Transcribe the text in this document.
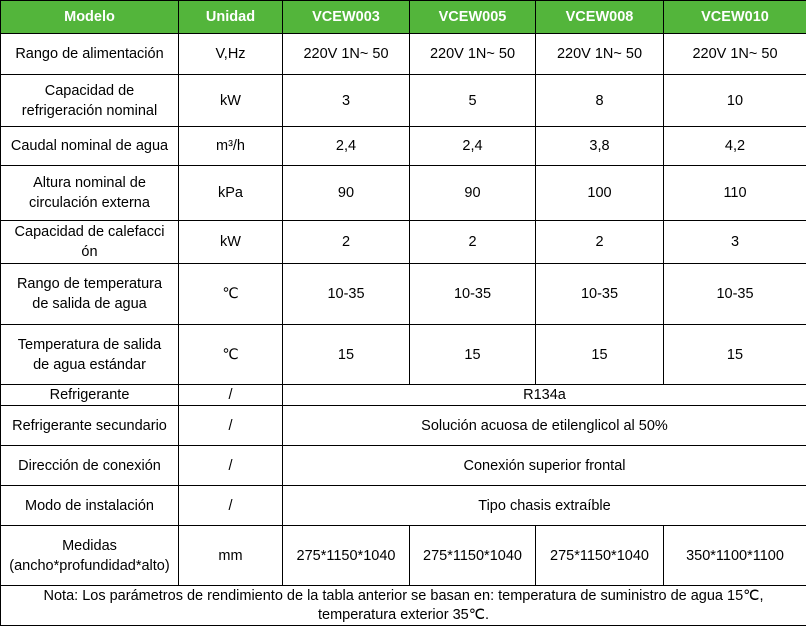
Modelo	Unidad	VCEW003	VCEW005	VCEW008	VCEW010
Rango de alimentación	V,Hz	220V 1N~ 50	220V 1N~ 50	220V 1N~ 50	220V 1N~ 50
Capacidad de
refrigeración nominal	kW	3	5	8	10
Caudal nominal de agua	m³/h	2,4	2,4	3,8	4,2
Altura nominal de
circulación externa	kPa	90	90	100	110
Capacidad de calefacci
ón	kW	2	2	2	3
Rango de temperatura
de salida de agua	℃	10-35	10-35	10-35	10-35
Temperatura de salida
de agua estándar	℃	15	15	15	15
Refrigerante	/	R134a			
Refrigerante secundario	/	Solución acuosa de etilenglicol al 50%			
Dirección de conexión	/	Conexión superior frontal			
Modo de instalación	/	Tipo chasis extraíble			
Medidas
(ancho*profundidad*alto)	mm	275*1150*1040	275*1150*1040	275*1150*1040	350*1100*1100
Nota: Los parámetros de rendimiento de la tabla anterior se basan en: temperatura de suministro de agua 15℃,
temperatura exterior 35℃.					
